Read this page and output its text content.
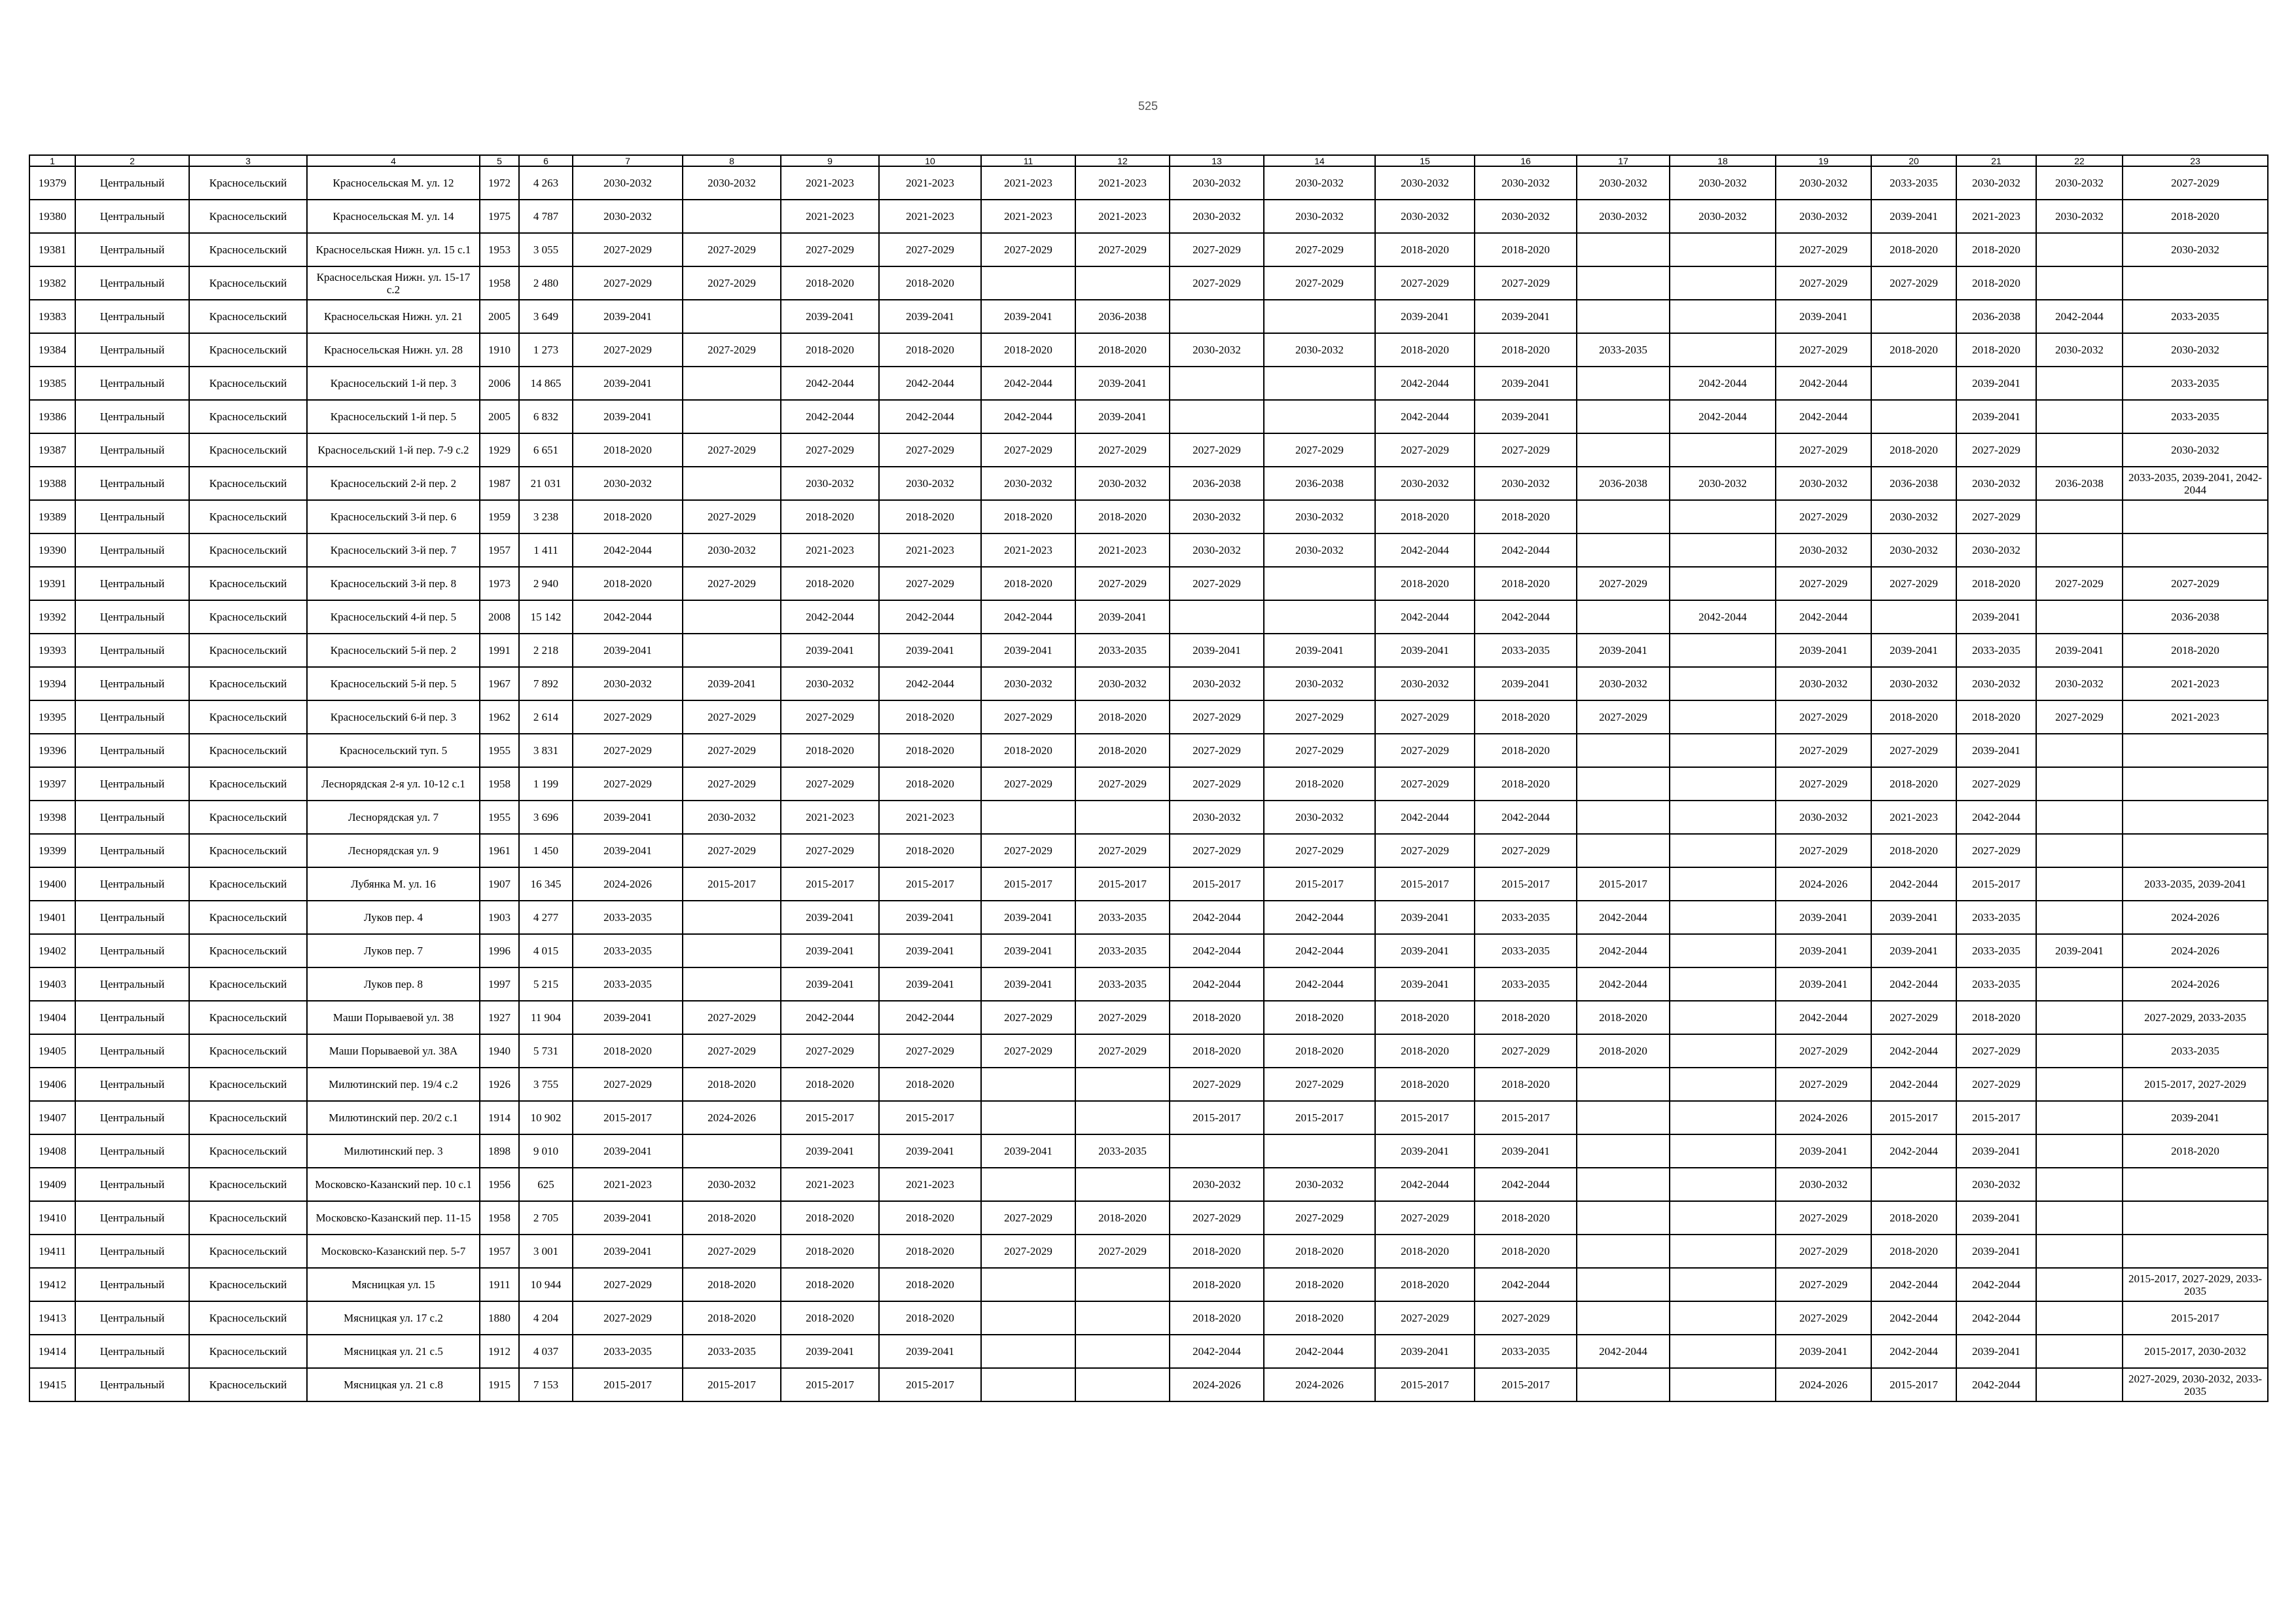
525
1	2	3	4	5	6	7	8	9	10	11	12	13	14	15	16	17	18	19	20	21	22	23
19379	Центральный	Красносельский	Красносельская М. ул. 12	1972	4 263	2030-2032	2030-2032	2021-2023	2021-2023	2021-2023	2021-2023	2030-2032	2030-2032	2030-2032	2030-2032	2030-2032	2030-2032	2030-2032	2033-2035	2030-2032	2030-2032	2027-2029
19380	Центральный	Красносельский	Красносельская М. ул. 14	1975	4 787	2030-2032		2021-2023	2021-2023	2021-2023	2021-2023	2030-2032	2030-2032	2030-2032	2030-2032	2030-2032	2030-2032	2030-2032	2039-2041	2021-2023	2030-2032	2018-2020
19381	Центральный	Красносельский	Красносельская Нижн. ул. 15 с.1	1953	3 055	2027-2029	2027-2029	2027-2029	2027-2029	2027-2029	2027-2029	2027-2029	2027-2029	2018-2020	2018-2020			2027-2029	2018-2020	2018-2020		2030-2032
19382	Центральный	Красносельский	Красносельская Нижн. ул. 15-17 с.2	1958	2 480	2027-2029	2027-2029	2018-2020	2018-2020			2027-2029	2027-2029	2027-2029	2027-2029			2027-2029	2027-2029	2018-2020		
19383	Центральный	Красносельский	Красносельская Нижн. ул. 21	2005	3 649	2039-2041		2039-2041	2039-2041	2039-2041	2036-2038			2039-2041	2039-2041			2039-2041		2036-2038	2042-2044	2033-2035
19384	Центральный	Красносельский	Красносельская Нижн. ул. 28	1910	1 273	2027-2029	2027-2029	2018-2020	2018-2020	2018-2020	2018-2020	2030-2032	2030-2032	2018-2020	2018-2020	2033-2035		2027-2029	2018-2020	2018-2020	2030-2032	2030-2032
19385	Центральный	Красносельский	Красносельский 1-й пер. 3	2006	14 865	2039-2041		2042-2044	2042-2044	2042-2044	2039-2041			2042-2044	2039-2041		2042-2044	2042-2044		2039-2041		2033-2035
19386	Центральный	Красносельский	Красносельский 1-й пер. 5	2005	6 832	2039-2041		2042-2044	2042-2044	2042-2044	2039-2041			2042-2044	2039-2041		2042-2044	2042-2044		2039-2041		2033-2035
19387	Центральный	Красносельский	Красносельский 1-й пер. 7-9 с.2	1929	6 651	2018-2020	2027-2029	2027-2029	2027-2029	2027-2029	2027-2029	2027-2029	2027-2029	2027-2029	2027-2029			2027-2029	2018-2020	2027-2029		2030-2032
19388	Центральный	Красносельский	Красносельский 2-й пер. 2	1987	21 031	2030-2032		2030-2032	2030-2032	2030-2032	2030-2032	2036-2038	2036-2038	2030-2032	2030-2032	2036-2038	2030-2032	2030-2032	2036-2038	2030-2032	2036-2038	2033-2035, 2039-2041, 2042-2044
19389	Центральный	Красносельский	Красносельский 3-й пер. 6	1959	3 238	2018-2020	2027-2029	2018-2020	2018-2020	2018-2020	2018-2020	2030-2032	2030-2032	2018-2020	2018-2020			2027-2029	2030-2032	2027-2029		
19390	Центральный	Красносельский	Красносельский 3-й пер. 7	1957	1 411	2042-2044	2030-2032	2021-2023	2021-2023	2021-2023	2021-2023	2030-2032	2030-2032	2042-2044	2042-2044			2030-2032	2030-2032	2030-2032		
19391	Центральный	Красносельский	Красносельский 3-й пер. 8	1973	2 940	2018-2020	2027-2029	2018-2020	2027-2029	2018-2020	2027-2029	2027-2029		2018-2020	2018-2020	2027-2029		2027-2029	2027-2029	2018-2020	2027-2029	2027-2029
19392	Центральный	Красносельский	Красносельский 4-й пер. 5	2008	15 142	2042-2044		2042-2044	2042-2044	2042-2044	2039-2041			2042-2044	2042-2044		2042-2044	2042-2044		2039-2041		2036-2038
19393	Центральный	Красносельский	Красносельский 5-й пер. 2	1991	2 218	2039-2041		2039-2041	2039-2041	2039-2041	2033-2035	2039-2041	2039-2041	2039-2041	2033-2035	2039-2041		2039-2041	2039-2041	2033-2035	2039-2041	2018-2020
19394	Центральный	Красносельский	Красносельский 5-й пер. 5	1967	7 892	2030-2032	2039-2041	2030-2032	2042-2044	2030-2032	2030-2032	2030-2032	2030-2032	2030-2032	2039-2041	2030-2032		2030-2032	2030-2032	2030-2032	2030-2032	2021-2023
19395	Центральный	Красносельский	Красносельский 6-й пер. 3	1962	2 614	2027-2029	2027-2029	2027-2029	2018-2020	2027-2029	2018-2020	2027-2029	2027-2029	2027-2029	2018-2020	2027-2029		2027-2029	2018-2020	2018-2020	2027-2029	2021-2023
19396	Центральный	Красносельский	Красносельский туп. 5	1955	3 831	2027-2029	2027-2029	2018-2020	2018-2020	2018-2020	2018-2020	2027-2029	2027-2029	2027-2029	2018-2020			2027-2029	2027-2029	2039-2041		
19397	Центральный	Красносельский	Леснорядская 2-я ул. 10-12 с.1	1958	1 199	2027-2029	2027-2029	2027-2029	2018-2020	2027-2029	2027-2029	2027-2029	2018-2020	2027-2029	2018-2020			2027-2029	2018-2020	2027-2029		
19398	Центральный	Красносельский	Леснорядская ул. 7	1955	3 696	2039-2041	2030-2032	2021-2023	2021-2023			2030-2032	2030-2032	2042-2044	2042-2044			2030-2032	2021-2023	2042-2044		
19399	Центральный	Красносельский	Леснорядская ул. 9	1961	1 450	2039-2041	2027-2029	2027-2029	2018-2020	2027-2029	2027-2029	2027-2029	2027-2029	2027-2029	2027-2029			2027-2029	2018-2020	2027-2029		
19400	Центральный	Красносельский	Лубянка М. ул. 16	1907	16 345	2024-2026	2015-2017	2015-2017	2015-2017	2015-2017	2015-2017	2015-2017	2015-2017	2015-2017	2015-2017	2015-2017		2024-2026	2042-2044	2015-2017		2033-2035, 2039-2041
19401	Центральный	Красносельский	Луков пер. 4	1903	4 277	2033-2035		2039-2041	2039-2041	2039-2041	2033-2035	2042-2044	2042-2044	2039-2041	2033-2035	2042-2044		2039-2041	2039-2041	2033-2035		2024-2026
19402	Центральный	Красносельский	Луков пер. 7	1996	4 015	2033-2035		2039-2041	2039-2041	2039-2041	2033-2035	2042-2044	2042-2044	2039-2041	2033-2035	2042-2044		2039-2041	2039-2041	2033-2035	2039-2041	2024-2026
19403	Центральный	Красносельский	Луков пер. 8	1997	5 215	2033-2035		2039-2041	2039-2041	2039-2041	2033-2035	2042-2044	2042-2044	2039-2041	2033-2035	2042-2044		2039-2041	2042-2044	2033-2035		2024-2026
19404	Центральный	Красносельский	Маши Порываевой ул. 38	1927	11 904	2039-2041	2027-2029	2042-2044	2042-2044	2027-2029	2027-2029	2018-2020	2018-2020	2018-2020	2018-2020	2018-2020		2042-2044	2027-2029	2018-2020		2027-2029, 2033-2035
19405	Центральный	Красносельский	Маши Порываевой ул. 38А	1940	5 731	2018-2020	2027-2029	2027-2029	2027-2029	2027-2029	2027-2029	2018-2020	2018-2020	2018-2020	2027-2029	2018-2020		2027-2029	2042-2044	2027-2029		2033-2035
19406	Центральный	Красносельский	Милютинский пер. 19/4 с.2	1926	3 755	2027-2029	2018-2020	2018-2020	2018-2020			2027-2029	2027-2029	2018-2020	2018-2020			2027-2029	2042-2044	2027-2029		2015-2017, 2027-2029
19407	Центральный	Красносельский	Милютинский пер. 20/2 с.1	1914	10 902	2015-2017	2024-2026	2015-2017	2015-2017			2015-2017	2015-2017	2015-2017	2015-2017			2024-2026	2015-2017	2015-2017		2039-2041
19408	Центральный	Красносельский	Милютинский пер. 3	1898	9 010	2039-2041		2039-2041	2039-2041	2039-2041	2033-2035			2039-2041	2039-2041			2039-2041	2042-2044	2039-2041		2018-2020
19409	Центральный	Красносельский	Московско-Казанский пер. 10 с.1	1956	625	2021-2023	2030-2032	2021-2023	2021-2023			2030-2032	2030-2032	2042-2044	2042-2044			2030-2032		2030-2032		
19410	Центральный	Красносельский	Московско-Казанский пер. 11-15	1958	2 705	2039-2041	2018-2020	2018-2020	2018-2020	2027-2029	2018-2020	2027-2029	2027-2029	2027-2029	2018-2020			2027-2029	2018-2020	2039-2041		
19411	Центральный	Красносельский	Московско-Казанский пер. 5-7	1957	3 001	2039-2041	2027-2029	2018-2020	2018-2020	2027-2029	2027-2029	2018-2020	2018-2020	2018-2020	2018-2020			2027-2029	2018-2020	2039-2041		
19412	Центральный	Красносельский	Мясницкая ул. 15	1911	10 944	2027-2029	2018-2020	2018-2020	2018-2020			2018-2020	2018-2020	2018-2020	2042-2044			2027-2029	2042-2044	2042-2044		2015-2017, 2027-2029, 2033-2035
19413	Центральный	Красносельский	Мясницкая ул. 17 с.2	1880	4 204	2027-2029	2018-2020	2018-2020	2018-2020			2018-2020	2018-2020	2027-2029	2027-2029			2027-2029	2042-2044	2042-2044		2015-2017
19414	Центральный	Красносельский	Мясницкая ул. 21 с.5	1912	4 037	2033-2035	2033-2035	2039-2041	2039-2041			2042-2044	2042-2044	2039-2041	2033-2035	2042-2044		2039-2041	2042-2044	2039-2041		2015-2017, 2030-2032
19415	Центральный	Красносельский	Мясницкая ул. 21 с.8	1915	7 153	2015-2017	2015-2017	2015-2017	2015-2017			2024-2026	2024-2026	2015-2017	2015-2017			2024-2026	2015-2017	2042-2044		2027-2029, 2030-2032, 2033-2035
